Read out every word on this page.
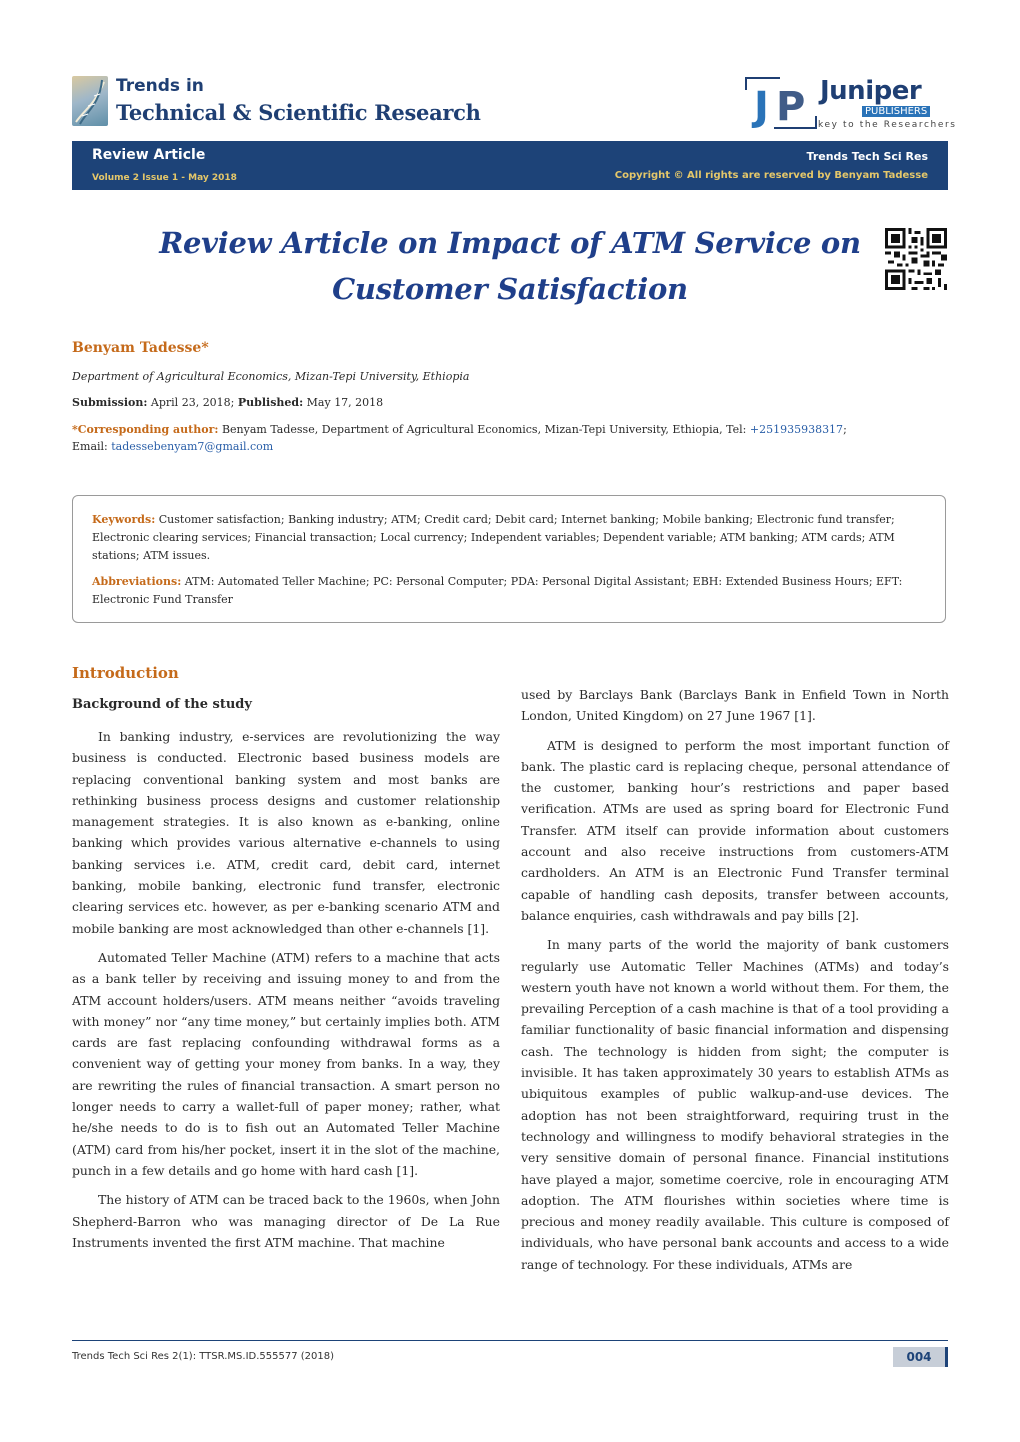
Trends in
Technical & Scientific Research	J P Juniper
PUBLISHERS
key to the Researchers
Review Article
Volume 2 Issue 1 - May 2018
Trends Tech Sci Res
Copyright © All rights are reserved by Benyam Tadesse
Review Article on Impact of ATM Service on Customer Satisfaction
Benyam Tadesse*
Department of Agricultural Economics, Mizan-Tepi University, Ethiopia
Submission: April 23, 2018; Published: May 17, 2018
*Corresponding author: Benyam Tadesse, Department of Agricultural Economics, Mizan-Tepi University, Ethiopia, Tel: +251935938317;
Email: tadessebenyam7@gmail.com
Keywords: Customer satisfaction; Banking industry; ATM; Credit card; Debit card; Internet banking; Mobile banking; Electronic fund transfer; Electronic clearing services; Financial transaction; Local currency; Independent variables; Dependent variable; ATM banking; ATM cards; ATM stations; ATM issues.
Abbreviations: ATM: Automated Teller Machine; PC: Personal Computer; PDA: Personal Digital Assistant; EBH: Extended Business Hours; EFT: Electronic Fund Transfer
Introduction
Background of the study

In banking industry, e-services are revolutionizing the way business is conducted. Electronic based business models are replacing conventional banking system and most banks are rethinking business process designs and customer relationship management strategies. It is also known as e-banking, online banking which provides various alternative e-channels to using banking services i.e. ATM, credit card, debit card, internet banking, mobile banking, electronic fund transfer, electronic clearing services etc. however, as per e-banking scenario ATM and mobile banking are most acknowledged than other e-channels [1].

Automated Teller Machine (ATM) refers to a machine that acts as a bank teller by receiving and issuing money to and from the ATM account holders/users. ATM means neither “avoids traveling with money” nor “any time money,” but certainly implies both. ATM cards are fast replacing confounding withdrawal forms as a convenient way of getting your money from banks. In a way, they are rewriting the rules of financial transaction. A smart person no longer needs to carry a wallet-full of paper money; rather, what he/she needs to do is to fish out an Automated Teller Machine (ATM) card from his/her pocket, insert it in the slot of the machine, punch in a few details and go home with hard cash [1].

The history of ATM can be traced back to the 1960s, when John Shepherd-Barron who was managing director of De La Rue Instruments invented the first ATM machine. That machine

used by Barclays Bank (Barclays Bank in Enfield Town in North London, United Kingdom) on 27 June 1967 [1].

ATM is designed to perform the most important function of bank. The plastic card is replacing cheque, personal attendance of the customer, banking hour’s restrictions and paper based verification. ATMs are used as spring board for Electronic Fund Transfer. ATM itself can provide information about customers account and also receive instructions from customers-ATM cardholders. An ATM is an Electronic Fund Transfer terminal capable of handling cash deposits, transfer between accounts, balance enquiries, cash withdrawals and pay bills [2].

In many parts of the world the majority of bank customers regularly use Automatic Teller Machines (ATMs) and today’s western youth have not known a world without them. For them, the prevailing Perception of a cash machine is that of a tool providing a familiar functionality of basic financial information and dispensing cash. The technology is hidden from sight; the computer is invisible. It has taken approximately 30 years to establish ATMs as ubiquitous examples of public walkup-and-use devices. The adoption has not been straightforward, requiring trust in the technology and willingness to modify behavioral strategies in the very sensitive domain of personal finance. Financial institutions have played a major, sometime coercive, role in encouraging ATM adoption. The ATM flourishes within societies where time is precious and money readily available. This culture is composed of individuals, who have personal bank accounts and access to a wide range of technology. For these individuals, ATMs are

Trends Tech Sci Res 2(1): TTSR.MS.ID.555577 (2018)	004
